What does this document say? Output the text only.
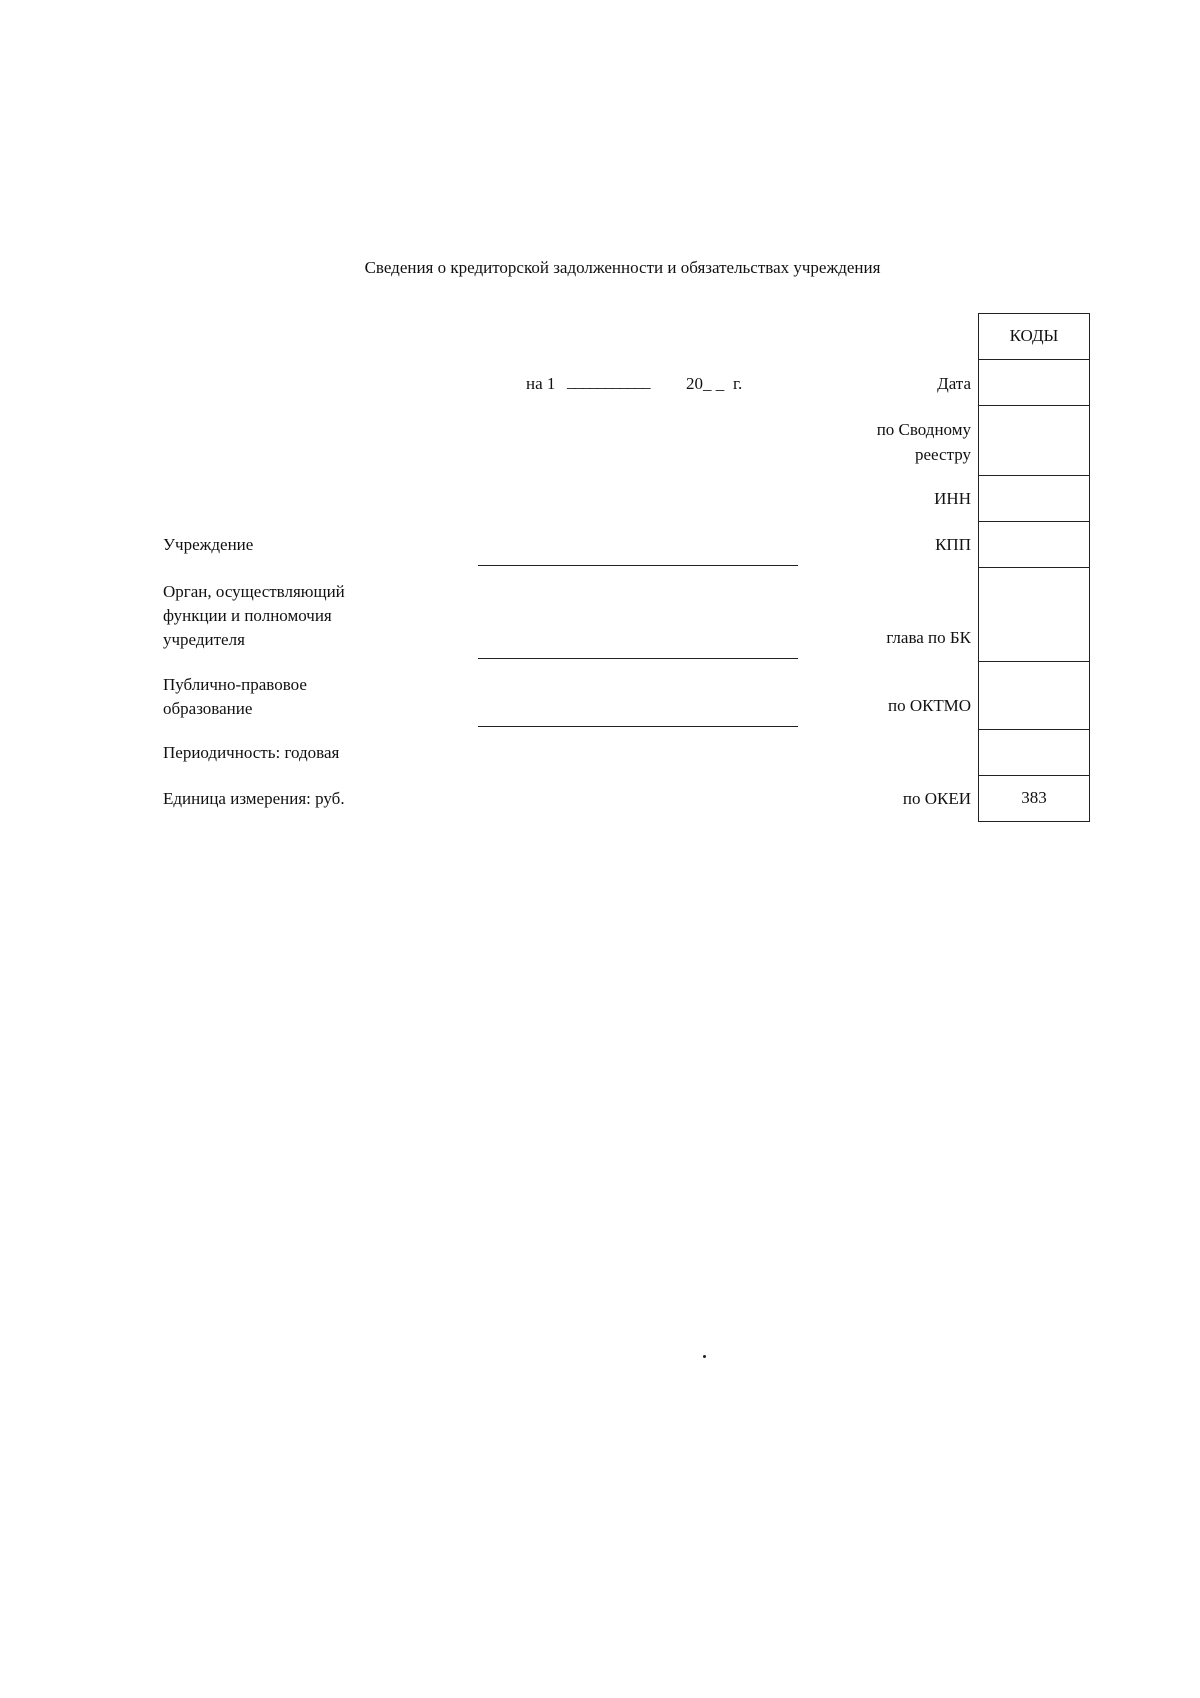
Сведения о кредиторской задолженности и обязательствах учреждения
на 1 ___________ 20_ _ г.	Дата
по Сводному
реестру
ИНН
КПП
глава по БК
по ОКТМО
по ОКЕИ
КОДЫ
383
Учреждение
Орган, осуществляющий
функции и полномочия
учредителя
Публично-правовое
образование
Периодичность: годовая
Единица измерения: руб.
